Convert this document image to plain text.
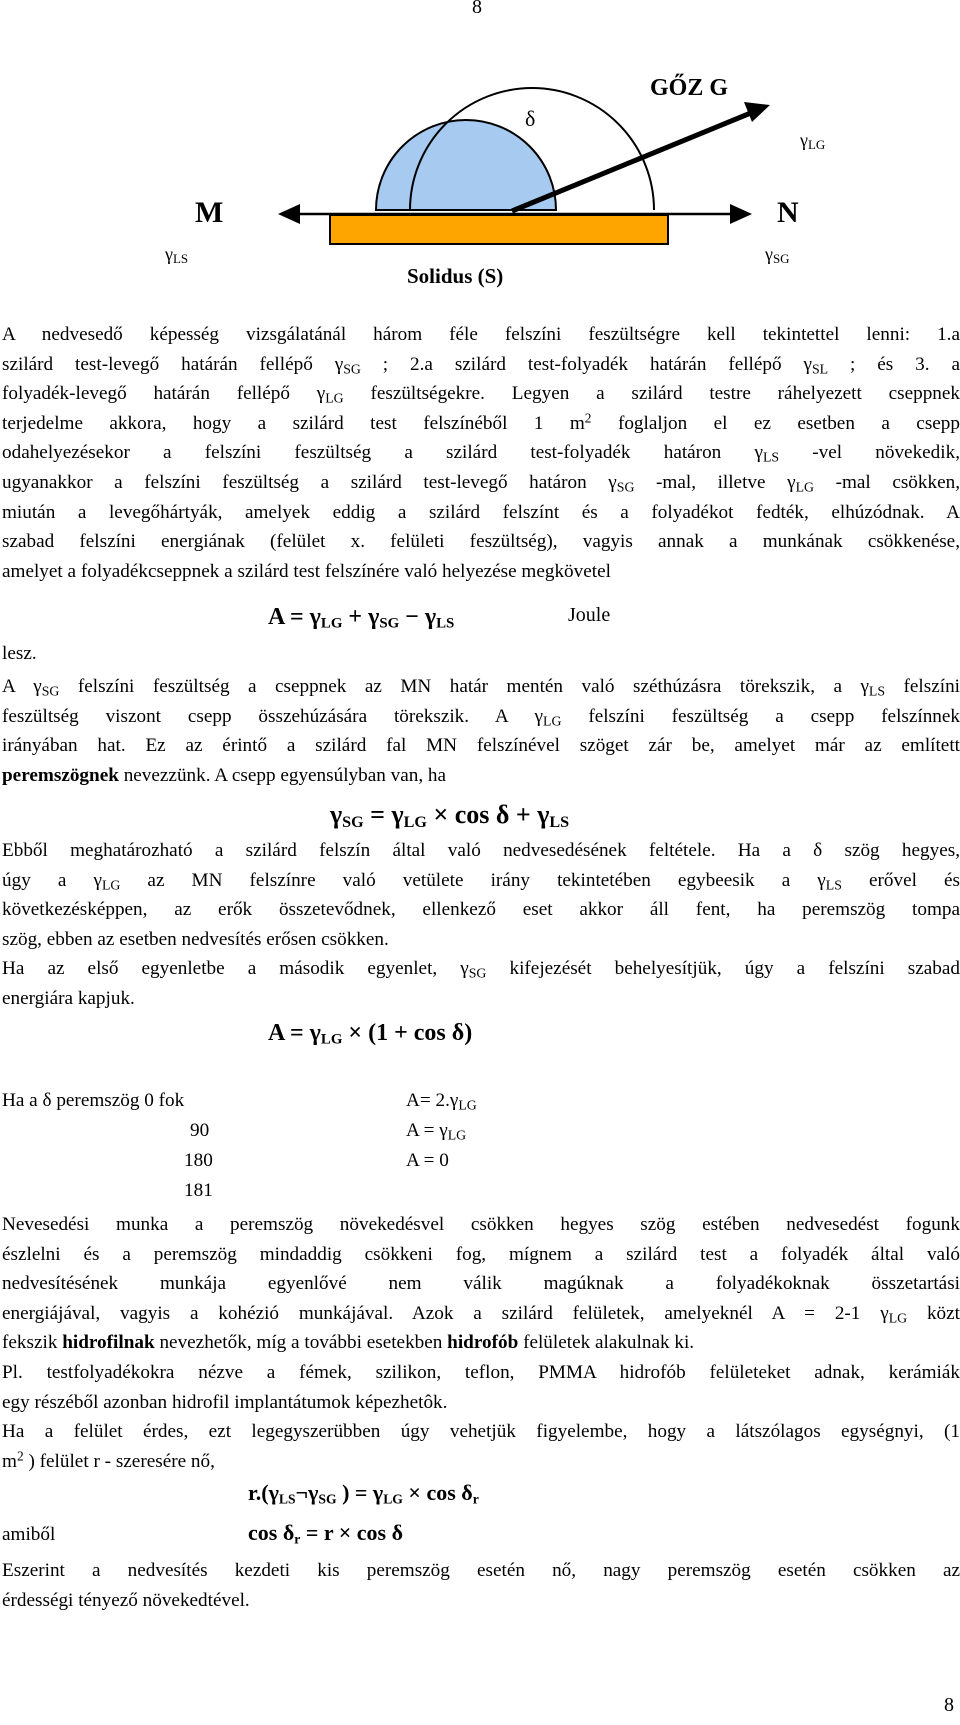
8
GŐZ G
δ
$\gamma_{LG}$
M	N
$\gamma_{LS}$	$\gamma_{SG}$
Solidus (S)
A nedvesedő képesség vizsgálatánál három féle felszíni feszültségre kell tekintettel lenni: 1.a
szilárd test-levegő határán fellépő $\gamma_{SG}$ ; 2.a szilárd test-folyadék határán fellépő $\gamma_{SL}$ ; és 3. a
folyadék-levegő határán fellépő $\gamma_{LG}$ feszültségekre. Legyen a szilárd testre ráhelyezett cseppnek
terjedelme akkora, hogy a szilárd test felszínéből 1 $m^2$ foglaljon el ez esetben a csepp
odahelyezésekor a felszíni feszültség a szilárd test-folyadék határon $\gamma_{LS}$ -vel növekedik,
ugyanakkor a felszíni feszültség a szilárd test-levegő határon $\gamma_{SG}$ -mal, illetve $\gamma_{LG}$ -mal csökken,
miután a levegőhártyák, amelyek eddig a szilárd felszínt és a folyadékot fedték, elhúzódnak. A
szabad felszíni energiának (felület x. felületi feszültség), vagyis annak a munkának csökkenése,
amelyet a folyadékcseppnek a szilárd test felszínére való helyezése megkövetel
$A = \gamma_{LG} + \gamma_{SG} - \gamma_{LS}$	Joule
lesz.
A $\gamma_{SG}$ felszíni feszültség a cseppnek az MN határ mentén való széthúzásra törekszik, a $\gamma_{LS}$ felszíni
feszültség viszont csepp összehúzására törekszik. A $\gamma_{LG}$ felszíni feszültség a csepp felszínnek
irányában hat. Ez az érintő a szilárd fal MN felszínével szöget zár be, amelyet már az említett
peremszögnek nevezzünk. A csepp egyensúlyban van, ha
$\gamma_{SG} = \gamma_{LG} \times \cos \delta + \gamma_{LS}$
Ebből meghatározható a szilárd felszín által való nedvesedésének feltétele. Ha a δ szög hegyes,
úgy a $\gamma_{LG}$ az MN felszínre való vetülete irány tekintetében egybeesik a $\gamma_{LS}$ erővel és
következésképpen, az erők összetevődnek, ellenkező eset akkor áll fent, ha peremszög tompa
szög, ebben az esetben nedvesítés erősen csökken.
Ha az első egyenletbe a második egyenlet, $\gamma_{SG}$ kifejezését behelyesítjük, úgy a felszíni szabad
energiára kapjuk.
$A = \gamma_{LG} \times (1 + \cos \delta)$
Ha a δ peremszög 0 fok	$A= 2.\gamma_{LG}$
90	$A = \gamma_{LG}$
180	A = 0
181
Nevesedési munka a peremszög növekedésvel csökken hegyes szög estében nedvesedést fogunk
észlelni és a peremszög mindaddig csökkeni fog, mígnem a szilárd test a folyadék által való
nedvesítésének munkája egyenlővé nem válik magúknak a folyadékoknak összetartási
energiájával, vagyis a kohézió munkájával. Azok a szilárd felületek, amelyeknél A = 2-1 $\gamma_{LG}$ közt
fekszik hidrofilnak nevezhetők, míg a további esetekben hidrofób felületek alakulnak ki.
Pl. testfolyadékokra nézve a fémek, szilikon, teflon, PMMA hidrofób felületeket adnak, kerámiák
egy részéből azonban hidrofil implantátumok képezhetôk.
Ha a felület érdes, ezt legegyszerübben úgy vehetjük figyelembe, hogy a látszólagos egységnyi, (1
$m^2$ ) felület r - szeresére nő,
$r.(\gamma_{LS}\neg\gamma_{SG}$ ) = $\gamma_{LG} \times \cos \delta_r$
amiből	$\cos \delta_r = r \times \cos \delta$
Eszerint a nedvesítés kezdeti kis peremszög esetén nő, nagy peremszög esetén csökken az
érdességi tényező növekedtével.
8
